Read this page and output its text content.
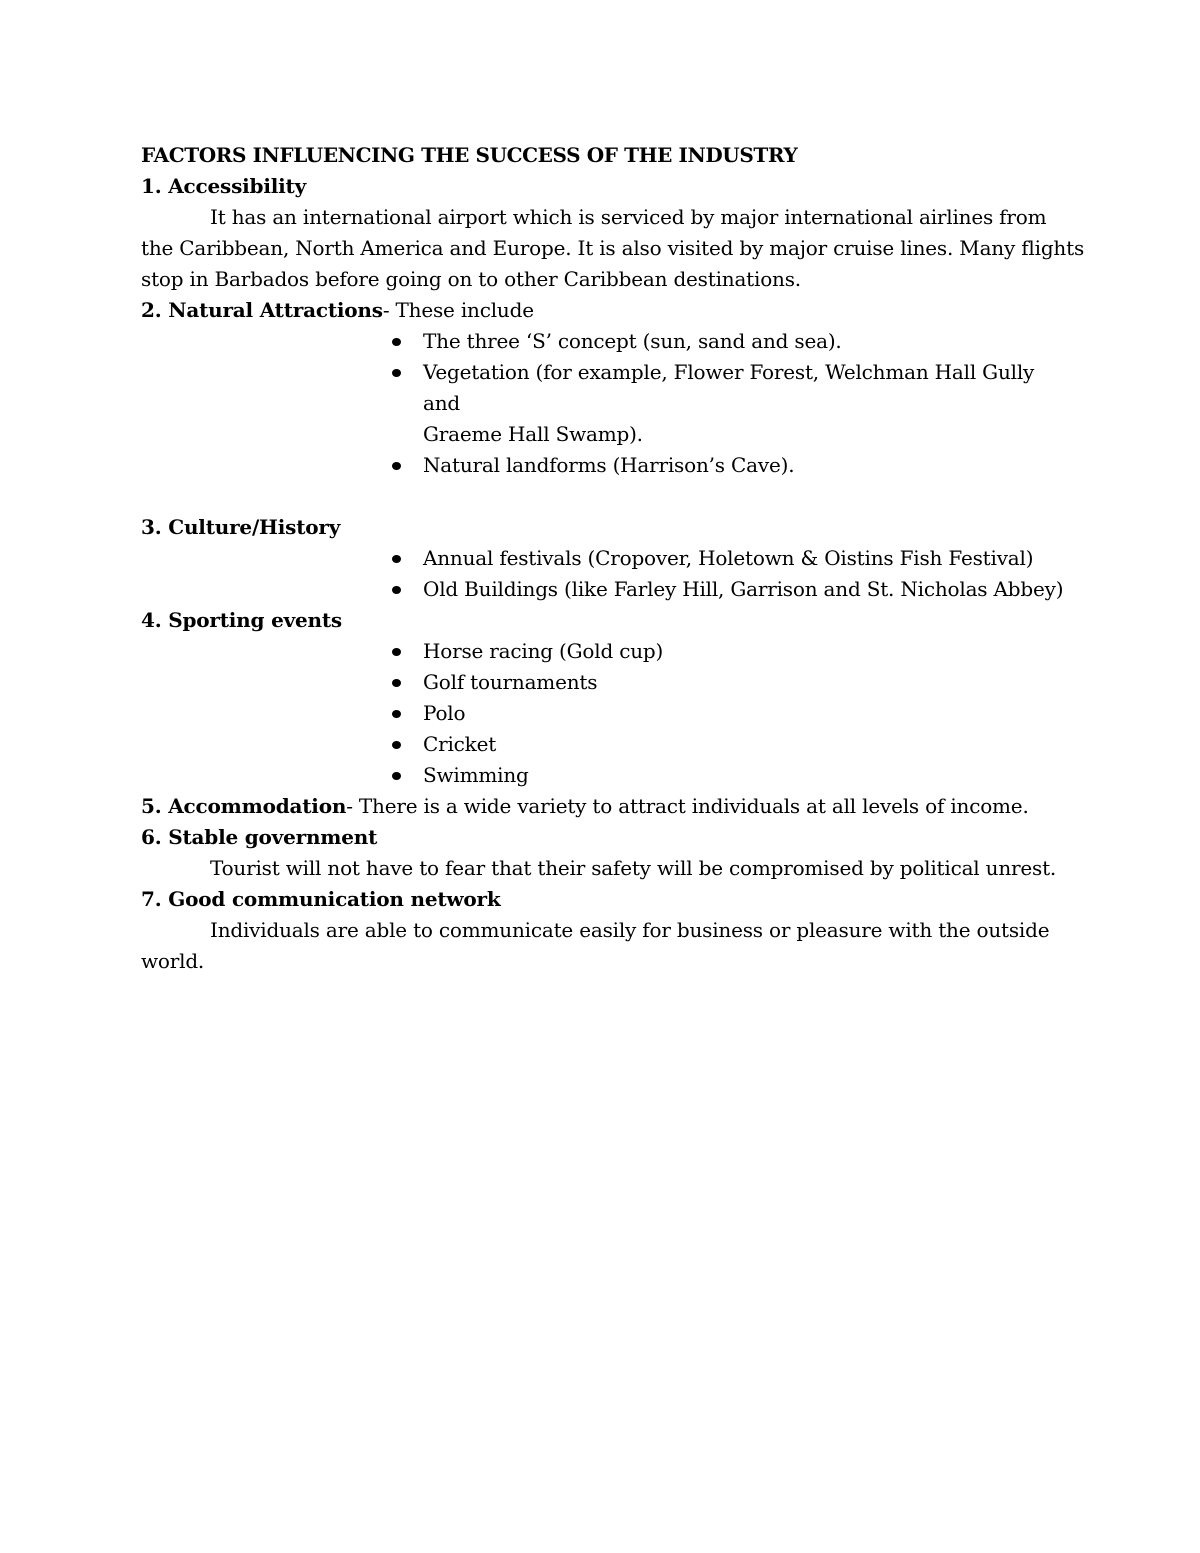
FACTORS INFLUENCING THE SUCCESS OF THE INDUSTRY

1. Accessibility

It has an international airport which is serviced by major international airlines from

the Caribbean, North America and Europe. It is also visited by major cruise lines. Many flights

stop in Barbados before going on to other Caribbean destinations.

2. Natural Attractions- These include

The three ‘S’ concept (sun, sand and sea).
Vegetation (for example, Flower Forest, Welchman Hall Gully and
Graeme Hall Swamp).
Natural landforms (Harrison’s Cave).

3. Culture/History

Annual festivals (Cropover, Holetown & Oistins Fish Festival)
Old Buildings (like Farley Hill, Garrison and St. Nicholas Abbey)

4. Sporting events

Horse racing (Gold cup)
Golf tournaments
Polo
Cricket
Swimming

5. Accommodation- There is a wide variety to attract individuals at all levels of income.

6. Stable government

Tourist will not have to fear that their safety will be compromised by political unrest.

7. Good communication network

Individuals are able to communicate easily for business or pleasure with the outside

world.
